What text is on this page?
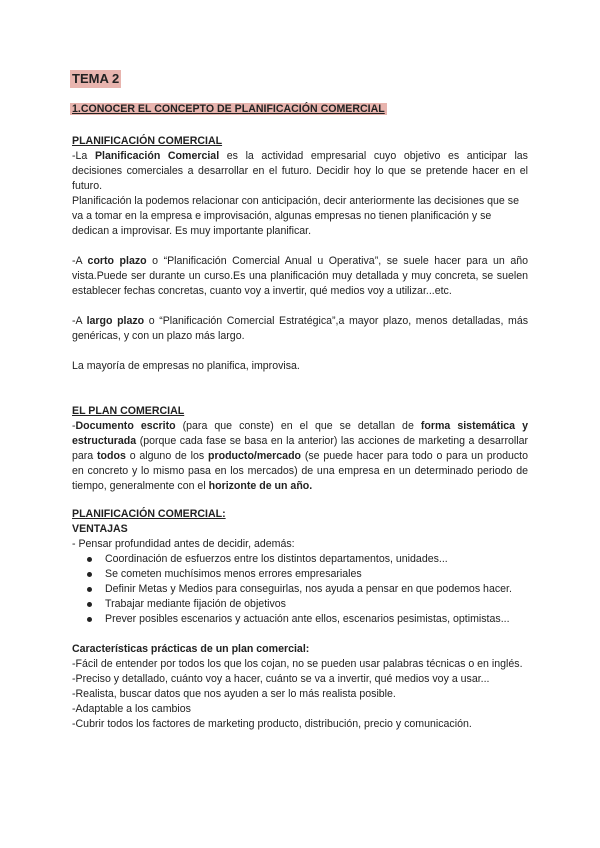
TEMA 2
1.CONOCER EL CONCEPTO DE PLANIFICACIÓN COMERCIAL
PLANIFICACIÓN COMERCIAL

-La Planificación Comercial es la actividad empresarial cuyo objetivo es anticipar las decisiones comerciales a desarrollar en el futuro. Decidir hoy lo que se pretende hacer en el futuro.

Planificación la podemos relacionar con anticipación, decir anteriormente las decisiones que se va a tomar en la empresa e improvisación, algunas empresas no tienen planificación y se dedican a improvisar. Es muy importante planificar.

-A corto plazo o “Planificación Comercial Anual u Operativa”, se suele hacer para un año vista.Puede ser durante un curso.Es una planificación muy detallada y muy concreta, se suelen establecer fechas concretas, cuanto voy a invertir, qué medios voy a utilizar...etc.

-A largo plazo o “Planificación Comercial Estratégica”,a mayor plazo, menos detalladas, más genéricas, y con un plazo más largo.

La mayoría de empresas no planifica, improvisa.

EL PLAN COMERCIAL

-Documento escrito (para que conste) en el que se detallan de forma sistemática y estructurada (porque cada fase se basa en la anterior) las acciones de marketing a desarrollar para todos o alguno de los producto/mercado (se puede hacer para todo o para un producto en concreto y lo mismo pasa en los mercados) de una empresa en un determinado periodo de tiempo, generalmente con el horizonte de un año.

PLANIFICACIÓN COMERCIAL:

VENTAJAS

- Pensar profundidad antes de decidir, además:

Coordinación de esfuerzos entre los distintos departamentos, unidades...
Se cometen muchísimos menos errores empresariales
Definir Metas y Medios para conseguirlas, nos ayuda a pensar en que podemos hacer.
Trabajar mediante fijación de objetivos
Prever posibles escenarios y actuación ante ellos, escenarios pesimistas, optimistas...

Características prácticas de un plan comercial:

-Fácil de entender por todos los que los cojan, no se pueden usar palabras técnicas o en inglés.

-Preciso y detallado, cuánto voy a hacer, cuánto se va a invertir, qué medios voy a usar...

-Realista, buscar datos que nos ayuden a ser lo más realista posible.

-Adaptable a los cambios

-Cubrir todos los factores de marketing producto, distribución, precio y comunicación.
